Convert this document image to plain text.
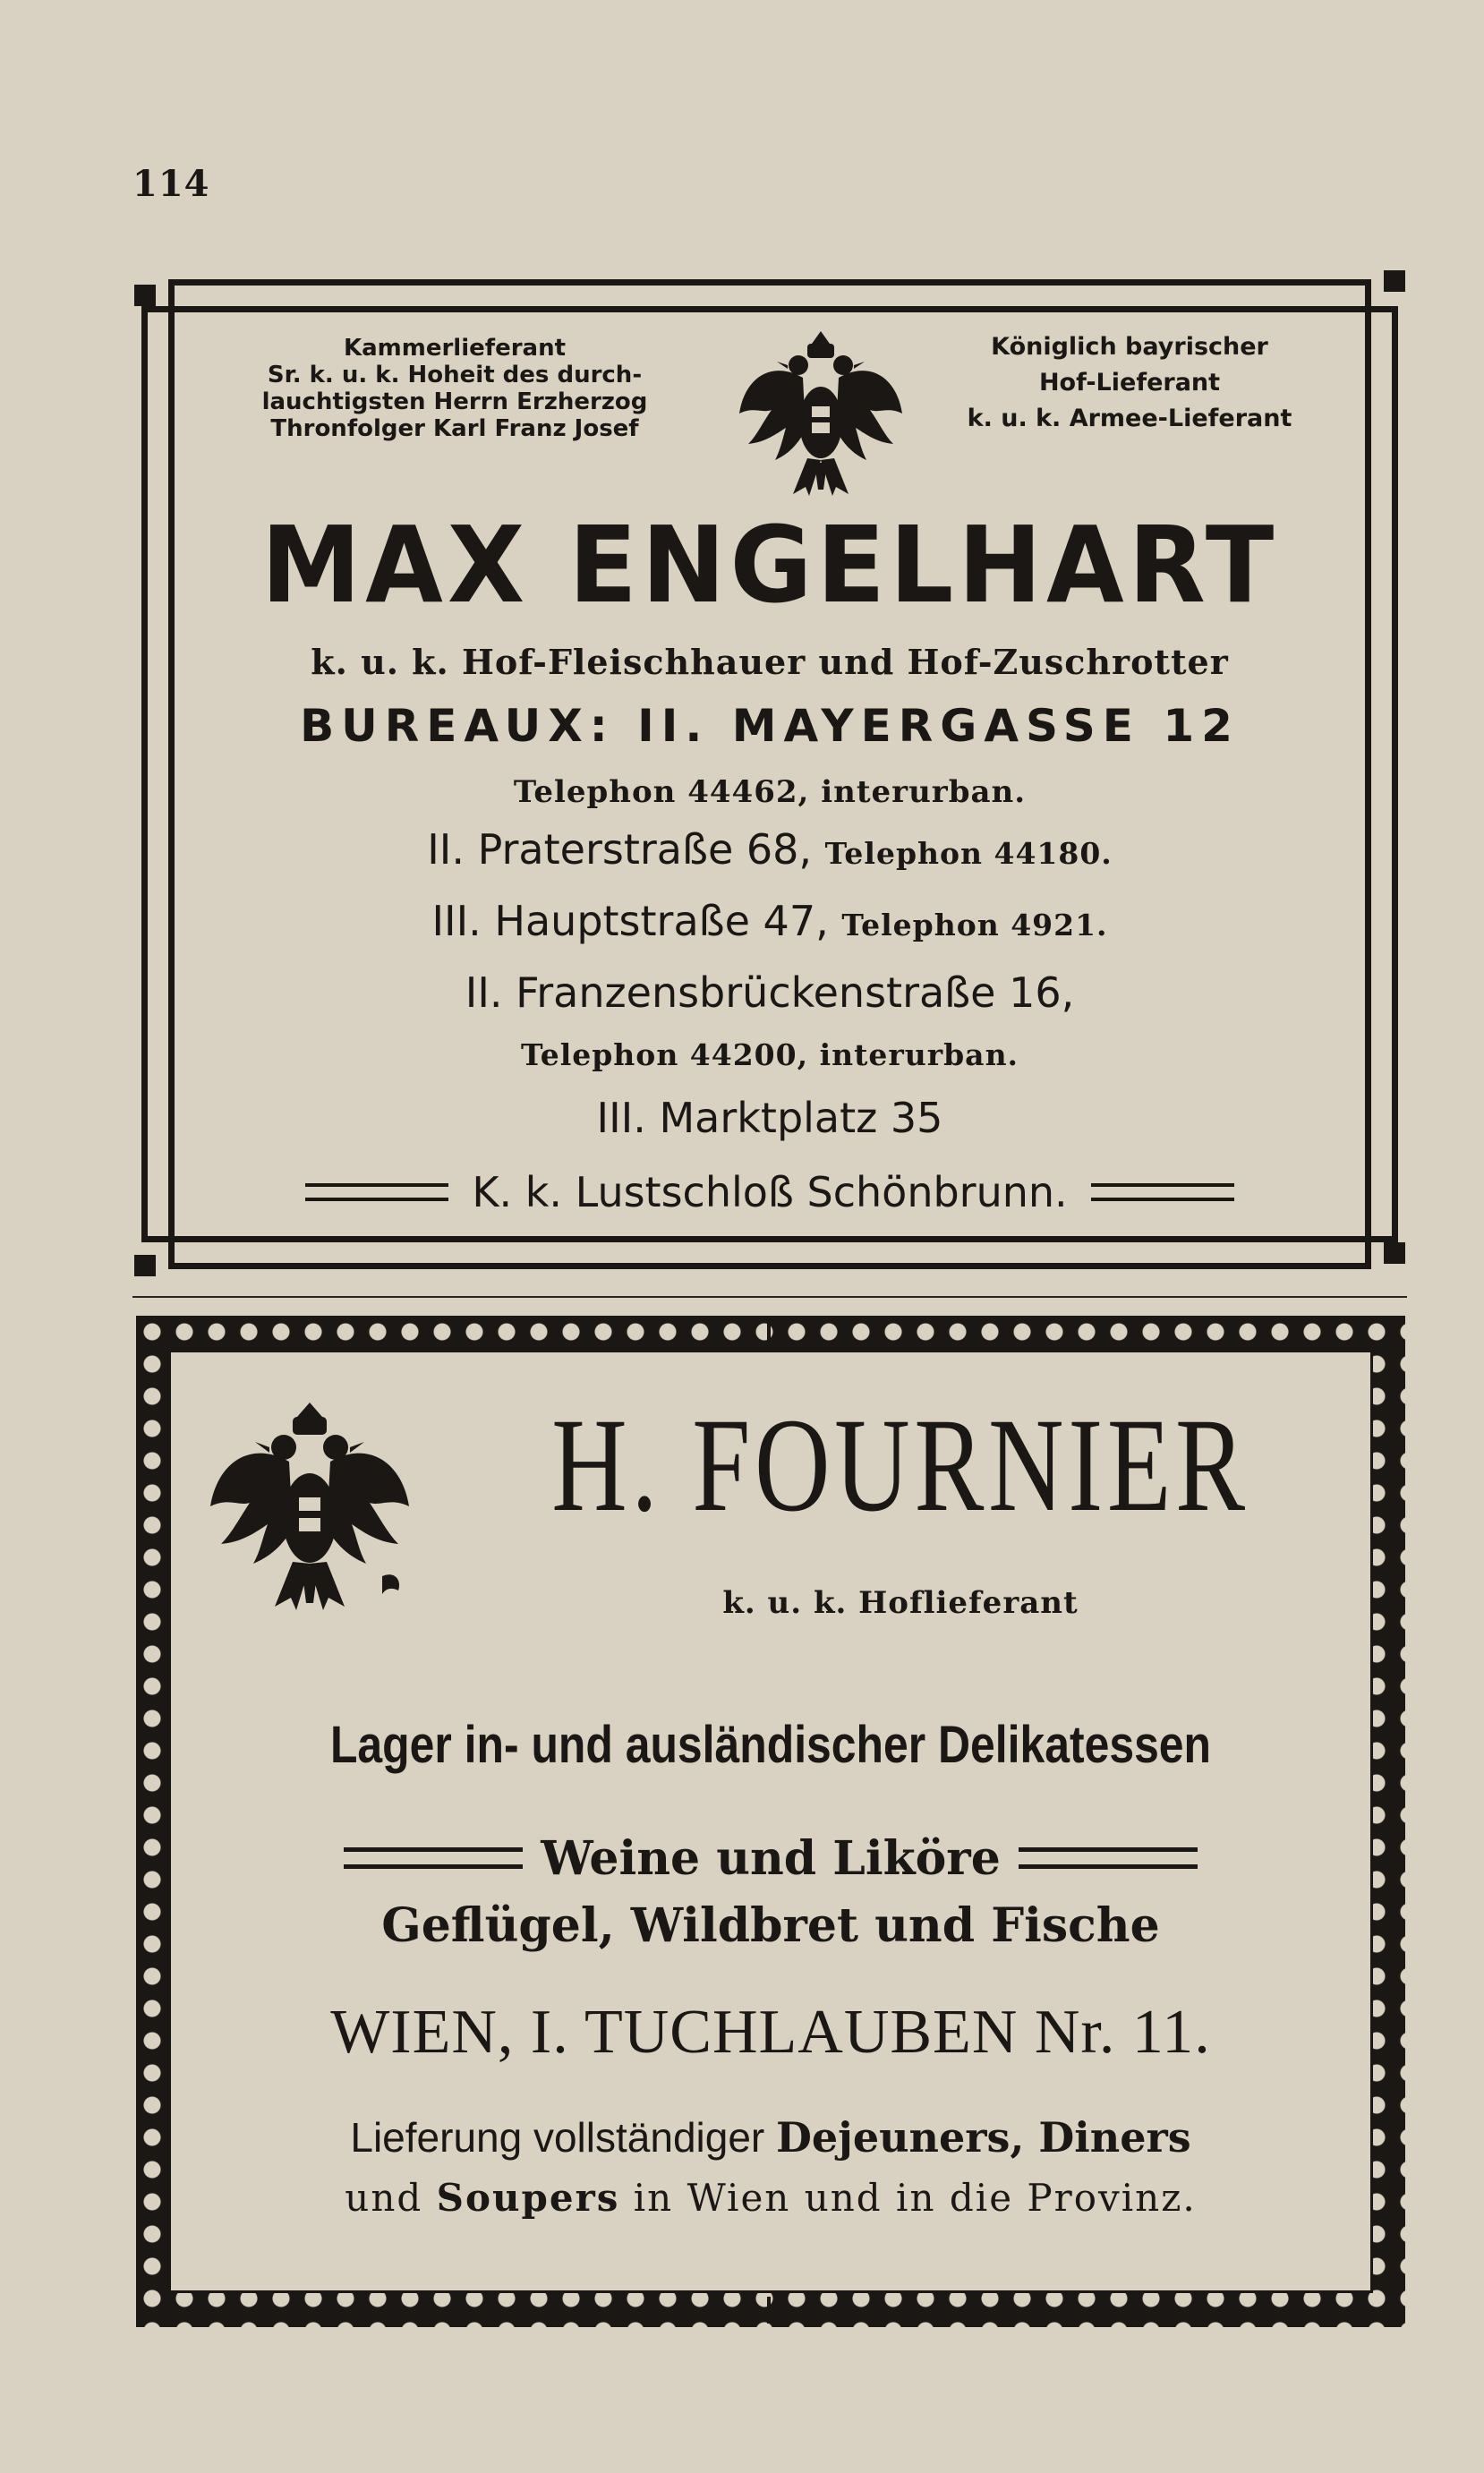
114
Kammerlieferant
Sr. k. u. k. Hoheit des durch-
lauchtigsten Herrn Erzherzog
Thronfolger Karl Franz Josef
Königlich bayrischer
Hof-Lieferant
k. u. k. Armee-Lieferant
MAX ENGELHART
k. u. k. Hof-Fleischhauer und Hof-Zuschrotter
BUREAUX: II. MAYERGASSE 12
Telephon 44462, interurban.
II. Praterstraße 68, Telephon 44180.
III. Hauptstraße 47, Telephon 4921.
II. Franzensbrückenstraße 16,
Telephon 44200, interurban.
III. Marktplatz 35
K. k. Lustschloß Schönbrunn.
H. FOURNIER
k. u. k. Hoflieferant
Lager in- und ausländischer Delikatessen
Weine und Liköre
Geflügel, Wildbret und Fische
WIEN, I. TUCHLAUBEN Nr. 11.
Lieferung vollständiger Dejeuners, Diners
und Soupers in Wien und in die Provinz.
